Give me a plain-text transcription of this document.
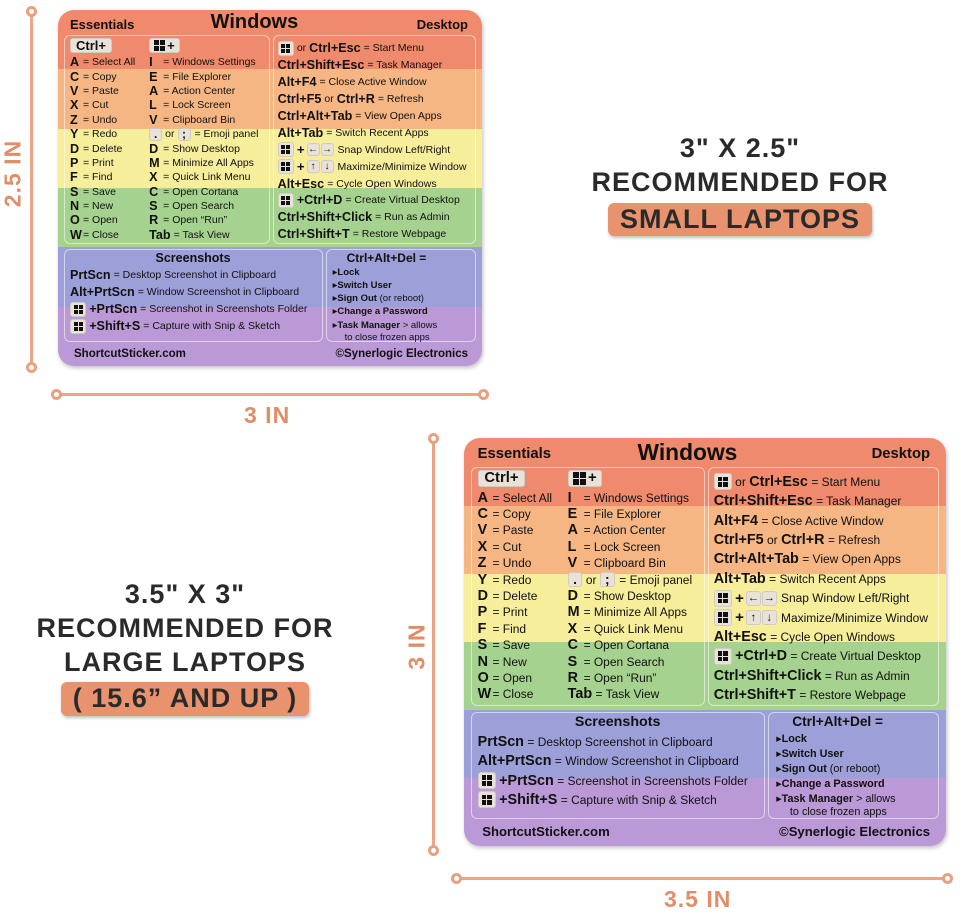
2.5 IN
3 IN
3 IN
3.5 IN
3" X 2.5"
RECOMMENDED FOR
SMALL LAPTOPS
3.5" X 3"
RECOMMENDED FOR
LARGE LAPTOPS
( 15.6” AND UP )
Essentials	Windows	Desktop
Ctrl+	+
A = Select All
C = Copy
V = Paste
X = Cut
Z = Undo
Y = Redo
D = Delete
P = Print
F = Find
S = Save
N = New
O = Open
W = Close
I	= Windows Settings
E = File Explorer
A = Action Center
L = Lock Screen
V = Clipboard Bin
. or ; = Emoji panel
D = Show Desktop
M = Minimize All Apps
X = Quick Link Menu
C = Open Cortana
S = Open Search
R = Open “Run”
Tab = Task View
or Ctrl+Esc = Start Menu
Ctrl+Shift+Esc = Task Manager
Alt+F4 = Close Active Window
Ctrl+F5 or Ctrl+R = Refresh
Ctrl+Alt+Tab = View Open Apps
Alt+Tab = Switch Recent Apps
+ ← → Snap Window Left/Right
+ ↑ ↓ Maximize/Minimize Window
Alt+Esc = Cycle Open Windows
+Ctrl+D = Create Virtual Desktop
Ctrl+Shift+Click = Run as Admin
Ctrl+Shift+T = Restore Webpage
Screenshots
PrtScn = Desktop Screenshot in Clipboard
Alt+PrtScn = Window Screenshot in Clipboard
+PrtScn = Screenshot in Screenshots Folder
+Shift+S = Capture with Snip & Sketch
Ctrl+Alt+Del =
▸Lock
▸Switch User
▸Sign Out (or reboot)
▸Change a Password
▸Task Manager > allows
to close frozen apps
ShortcutSticker.com	©Synerlogic Electronics
Essentials	Windows	Desktop
Ctrl+	+
A = Select All
C = Copy
V = Paste
X = Cut
Z = Undo
Y = Redo
D = Delete
P = Print
F = Find
S = Save
N = New
O = Open
W = Close
I = Windows Settings
E = File Explorer
A = Action Center
L = Lock Screen
V = Clipboard Bin
. or ; = Emoji panel
D = Show Desktop
M = Minimize All Apps
X = Quick Link Menu
C = Open Cortana
S = Open Search
R = Open “Run”
Tab = Task View
or Ctrl+Esc = Start Menu
Ctrl+Shift+Esc = Task Manager
Alt+F4 = Close Active Window
Ctrl+F5 or Ctrl+R = Refresh
Ctrl+Alt+Tab = View Open Apps
Alt+Tab = Switch Recent Apps
+ ← → Snap Window Left/Right
+ ↑ ↓ Maximize/Minimize Window
Alt+Esc = Cycle Open Windows
+Ctrl+D = Create Virtual Desktop
Ctrl+Shift+Click = Run as Admin
Ctrl+Shift+T = Restore Webpage
Screenshots
PrtScn = Desktop Screenshot in Clipboard
Alt+PrtScn = Window Screenshot in Clipboard
+PrtScn = Screenshot in Screenshots Folder
+Shift+S = Capture with Snip & Sketch
Ctrl+Alt+Del =
▸Lock
▸Switch User
▸Sign Out (or reboot)
▸Change a Password
▸Task Manager > allows
to close frozen apps
ShortcutSticker.com	©Synerlogic Electronics
